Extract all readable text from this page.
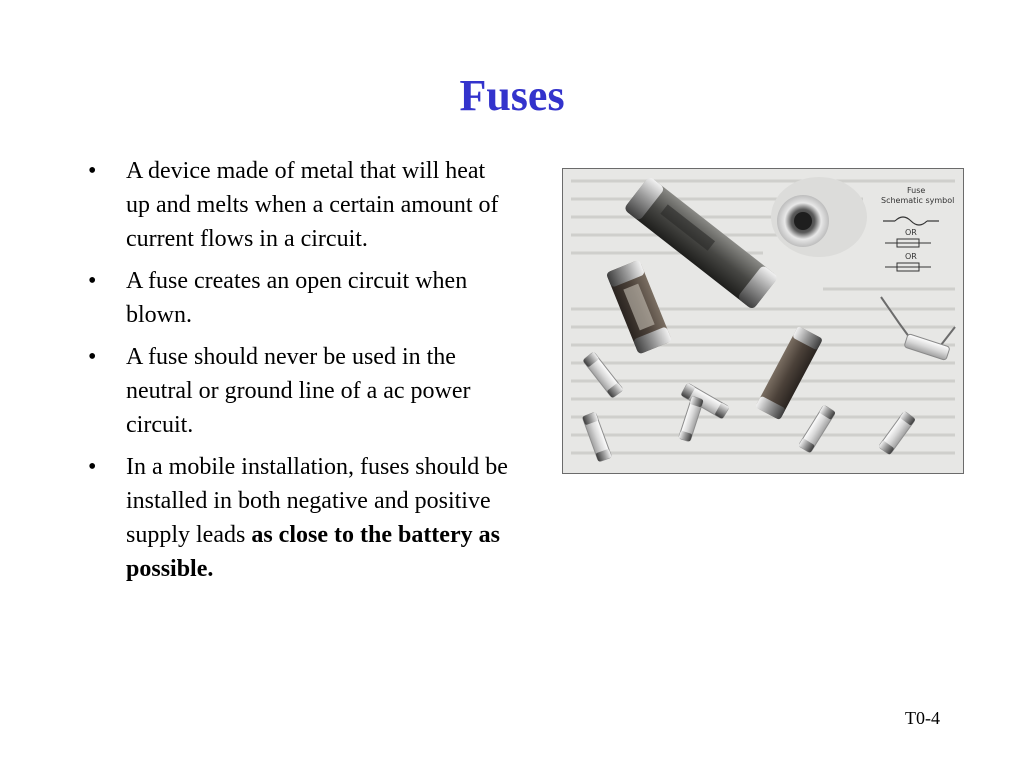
Fuses
• A device made of metal that will heat up and melts when a certain amount of current flows in a circuit.
• A fuse creates an open circuit when blown.
• A fuse should never be used in the neutral or ground line of a ac power circuit.
• In a mobile installation, fuses should be installed in both negative and positive supply leads as close to the battery as possible.
Fuse
Schematic symbol
OR
OR
T0-4
